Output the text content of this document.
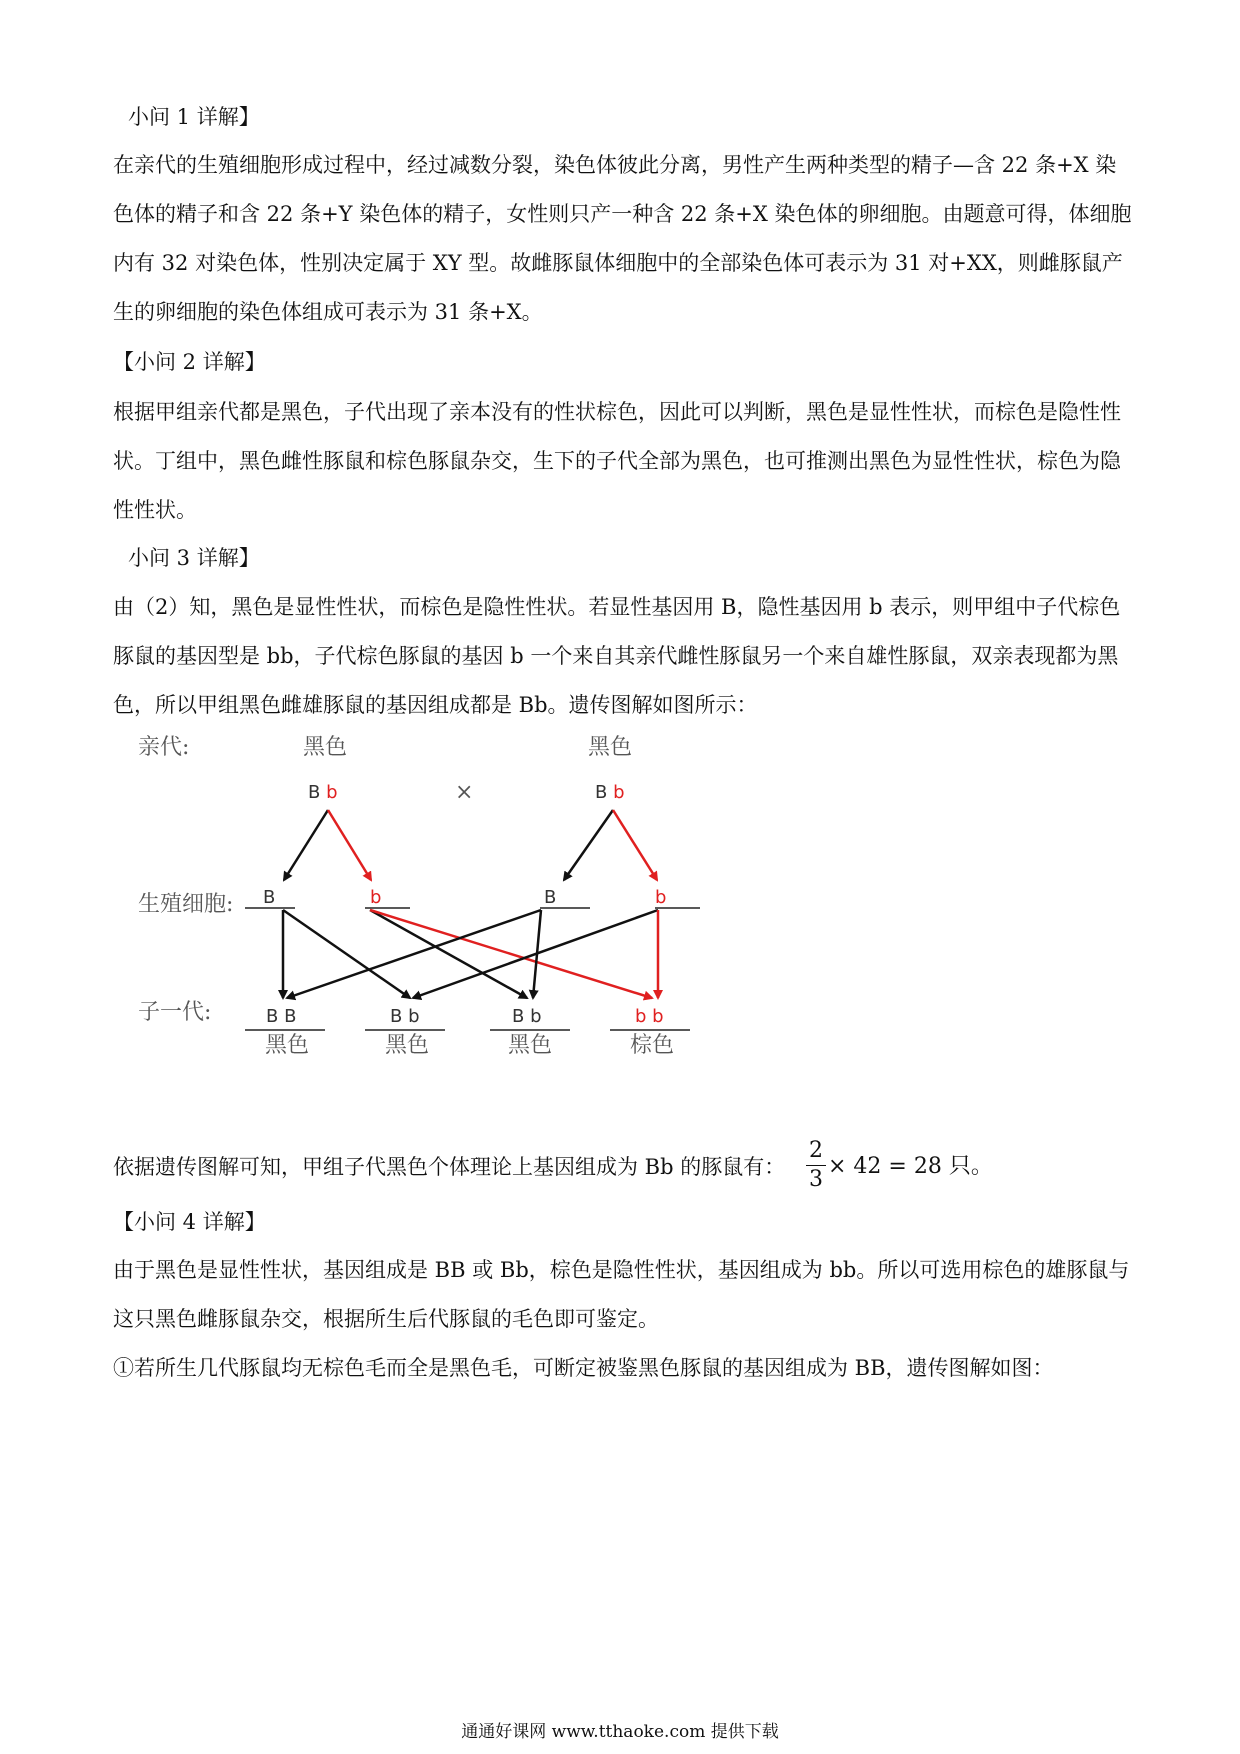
小问 1 详解】

在亲代的生殖细胞形成过程中，经过减数分裂，染色体彼此分离，男性产生两种类型的精子—含 22 条+X 染色体的精子和含 22 条+Y 染色体的精子，女性则只产一种含 22 条+X 染色体的卵细胞。由题意可得，体细胞内有 32 对染色体，性别决定属于 XY 型。故雌豚鼠体细胞中的全部染色体可表示为 31 对+XX，则雌豚鼠产生的卵细胞的染色体组成可表示为 31 条+X。

【小问 2 详解】

根据甲组亲代都是黑色，子代出现了亲本没有的性状棕色，因此可以判断，黑色是显性性状，而棕色是隐性性状。丁组中，黑色雌性豚鼠和棕色豚鼠杂交，生下的子代全部为黑色，也可推测出黑色为显性性状，棕色为隐性性状。

小问 3 详解】

由（2）知，黑色是显性性状，而棕色是隐性性状。若显性基因用 B，隐性基因用 b 表示，则甲组中子代棕色豚鼠的基因型是 bb，子代棕色豚鼠的基因 b 一个来自其亲代雌性豚鼠另一个来自雄性豚鼠，双亲表现都为黑色，所以甲组黑色雌雄豚鼠的基因组成都是 Bb。遗传图解如图所示：

亲代:
生殖细胞:
子一代:
黑色	黑色
B b	×	B b
B	b	B	b
B B	B b	B b	b b
黑色	黑色	黑色	棕色

依据遗传图解可知，甲组子代黑色个体理论上基因组成为 Bb 的豚鼠有：

2
3
× 42 = 28 只。

【小问 4 详解】

由于黑色是显性性状，基因组成是 BB 或 Bb，棕色是隐性性状，基因组成为 bb。所以可选用棕色的雄豚鼠与这只黑色雌豚鼠杂交，根据所生后代豚鼠的毛色即可鉴定。

①若所生几代豚鼠均无棕色毛而全是黑色毛，可断定被鉴黑色豚鼠的基因组成为 BB，遗传图解如图：

通通好课网 www.tthaoke.com 提供下载
